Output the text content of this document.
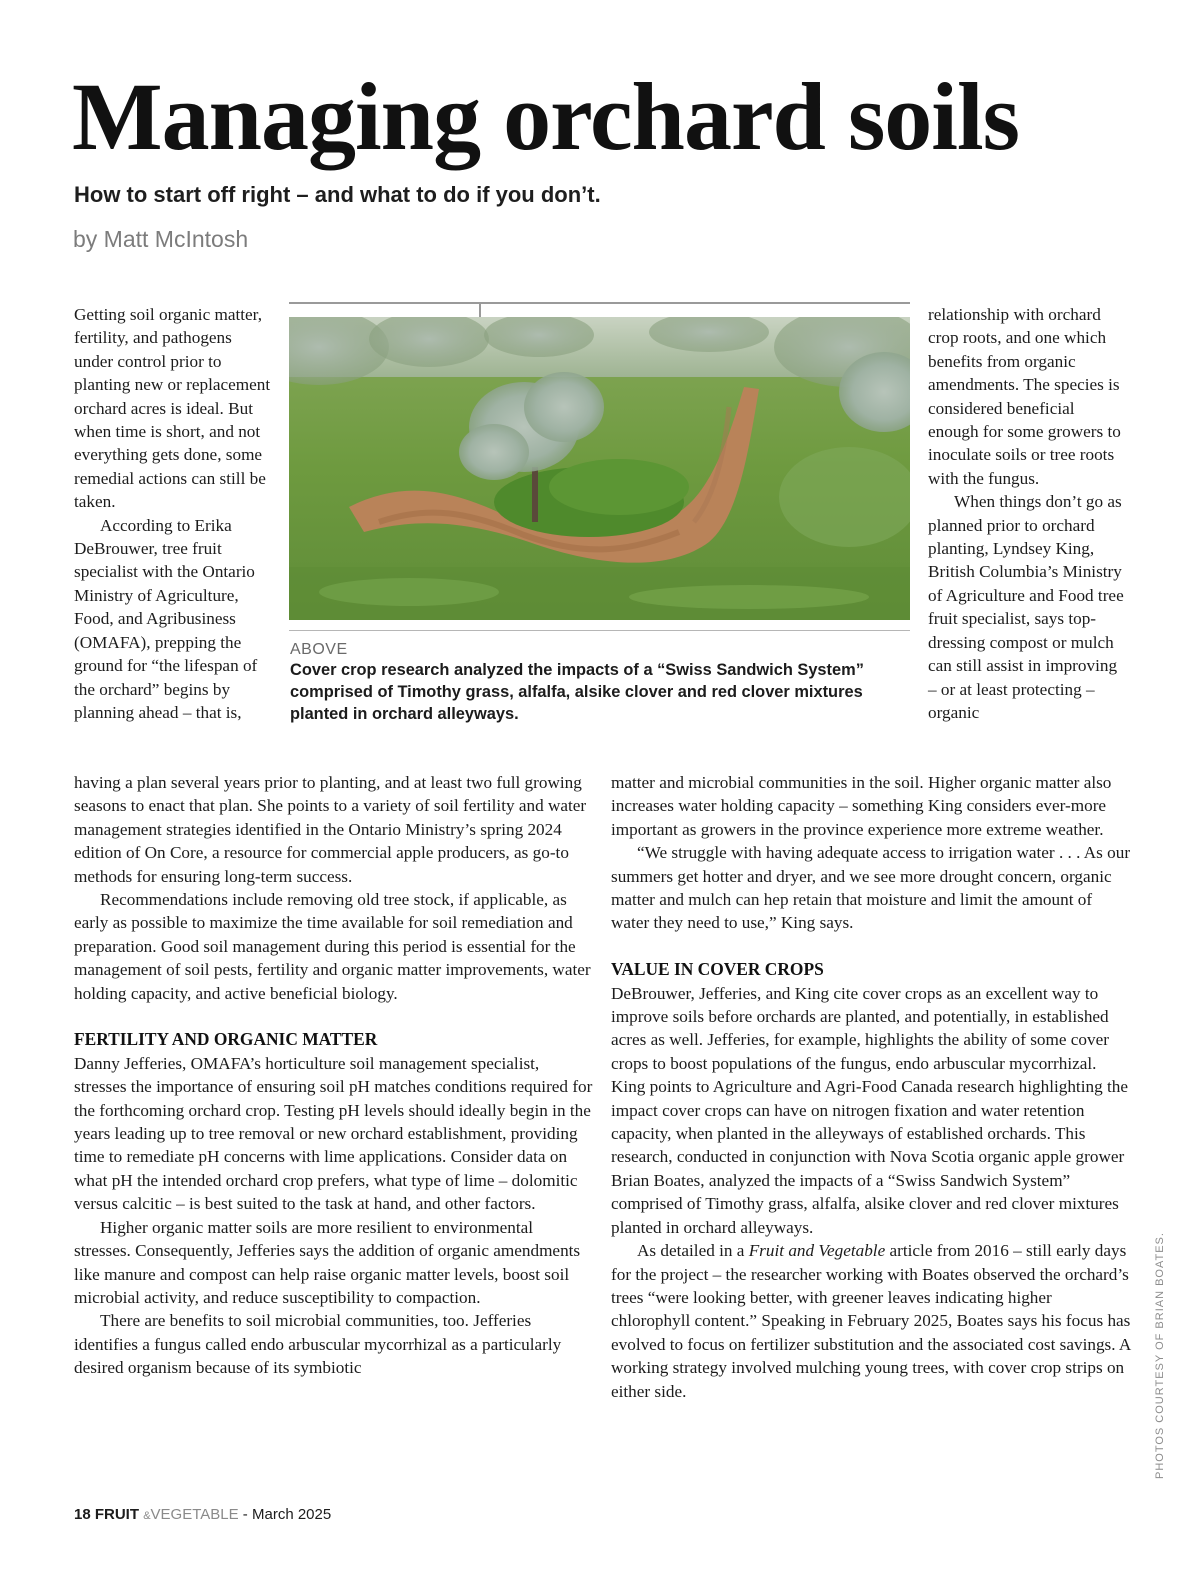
Managing orchard soils

How to start off right – and what to do if you don’t.

by Matt McIntosh

Getting soil organic matter, fertility, and pathogens under control prior to planting new or replacement orchard acres is ideal. But when time is short, and not everything gets done, some remedial actions can still be taken.

According to Erika DeBrouwer, tree fruit specialist with the Ontario Ministry of Agriculture, Food, and Agribusiness (OMAFA), prepping the ground for “the lifespan of the orchard” begins by planning ahead – that is,

ABOVE

Cover crop research analyzed the impacts of a “Swiss Sandwich System” comprised of Timothy grass, alfalfa, alsike clover and red clover mixtures planted in orchard alleyways.

relationship with orchard crop roots, and one which benefits from organic amendments. The species is considered beneficial enough for some growers to inoculate soils or tree roots with the fungus.

When things don’t go as planned prior to orchard planting, Lyndsey King, British Columbia’s Ministry of Agriculture and Food tree fruit specialist, says top-dressing compost or mulch can still assist in improving – or at least protecting – organic

having a plan several years prior to planting, and at least two full growing seasons to enact that plan. She points to a variety of soil fertility and water management strategies identified in the Ontario Ministry’s spring 2024 edition of On Core, a resource for commercial apple producers, as go-to methods for ensuring long-term success.

Recommendations include removing old tree stock, if applicable, as early as possible to maximize the time available for soil remediation and preparation. Good soil management during this period is essential for the management of soil pests, fertility and organic matter improvements, water holding capacity, and active beneficial biology.

FERTILITY AND ORGANIC MATTER

Danny Jefferies, OMAFA’s horticulture soil management specialist, stresses the importance of ensuring soil pH matches conditions required for the forthcoming orchard crop. Testing pH levels should ideally begin in the years leading up to tree removal or new orchard establishment, providing time to remediate pH concerns with lime applications. Consider data on what pH the intended orchard crop prefers, what type of lime – dolomitic versus calcitic – is best suited to the task at hand, and other factors.

Higher organic matter soils are more resilient to environmental stresses. Consequently, Jefferies says the addition of organic amendments like manure and compost can help raise organic matter levels, boost soil microbial activity, and reduce susceptibility to compaction.

There are benefits to soil microbial communities, too. Jefferies identifies a fungus called endo arbuscular mycorrhizal as a particularly desired organism because of its symbiotic

matter and microbial communities in the soil. Higher organic matter also increases water holding capacity – something King considers ever-more important as growers in the province experience more extreme weather.

“We struggle with having adequate access to irrigation water . . . As our summers get hotter and dryer, and we see more drought concern, organic matter and mulch can hep retain that moisture and limit the amount of water they need to use,” King says.

VALUE IN COVER CROPS

DeBrouwer, Jefferies, and King cite cover crops as an excellent way to improve soils before orchards are planted, and potentially, in established acres as well. Jefferies, for example, highlights the ability of some cover crops to boost populations of the fungus, endo arbuscular mycorrhizal. King points to Agriculture and Agri-Food Canada research highlighting the impact cover crops can have on nitrogen fixation and water retention capacity, when planted in the alleyways of established orchards. This research, conducted in conjunction with Nova Scotia organic apple grower Brian Boates, analyzed the impacts of a “Swiss Sandwich System” comprised of Timothy grass, alfalfa, alsike clover and red clover mixtures planted in orchard alleyways.

As detailed in a Fruit and Vegetable article from 2016 – still early days for the project – the researcher working with Boates observed the orchard’s trees “were looking better, with greener leaves indicating higher chlorophyll content.” Speaking in February 2025, Boates says his focus has evolved to focus on fertilizer substitution and the associated cost savings. A working strategy involved mulching young trees, with cover crop strips on either side.	PHOTOS COURTESY OF BRIAN BOATES.

18 FRUIT &VEGETABLE - March 2025
